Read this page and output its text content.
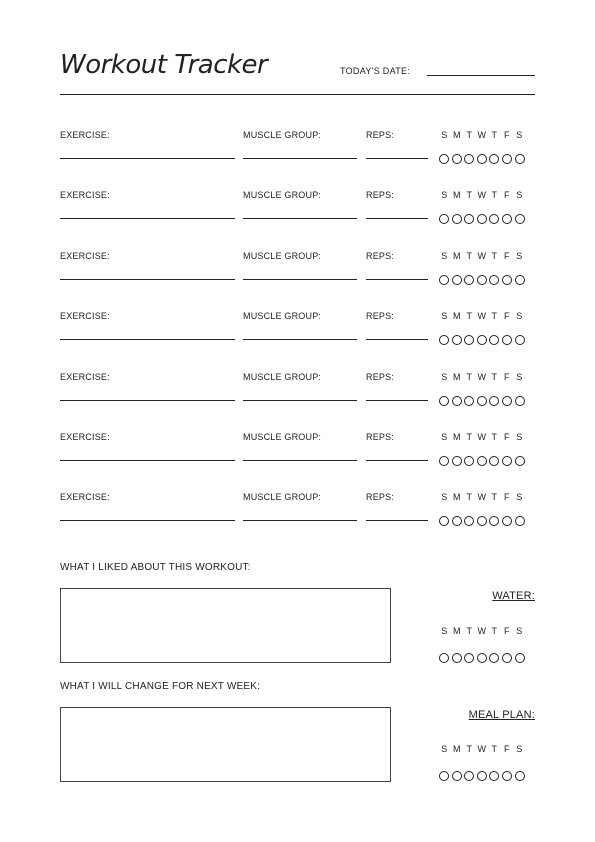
Workout Tracker	TODAY'S DATE:
EXERCISE:	MUSCLE GROUP:	REPS:	S M T W T F S
EXERCISE:	MUSCLE GROUP:	REPS:	S M T W T F S
EXERCISE:	MUSCLE GROUP:	REPS:	S M T W T F S
EXERCISE:	MUSCLE GROUP:	REPS:	S M T W T F S
EXERCISE:	MUSCLE GROUP:	REPS:	S M T W T F S
EXERCISE:	MUSCLE GROUP:	REPS:	S M T W T F S
EXERCISE:	MUSCLE GROUP:	REPS:	S M T W T F S
WHAT I LIKED ABOUT THIS WORKOUT:
WHAT I WILL CHANGE FOR NEXT WEEK:
WATER:
S M T W T F S
MEAL PLAN:
S M T W T F S
